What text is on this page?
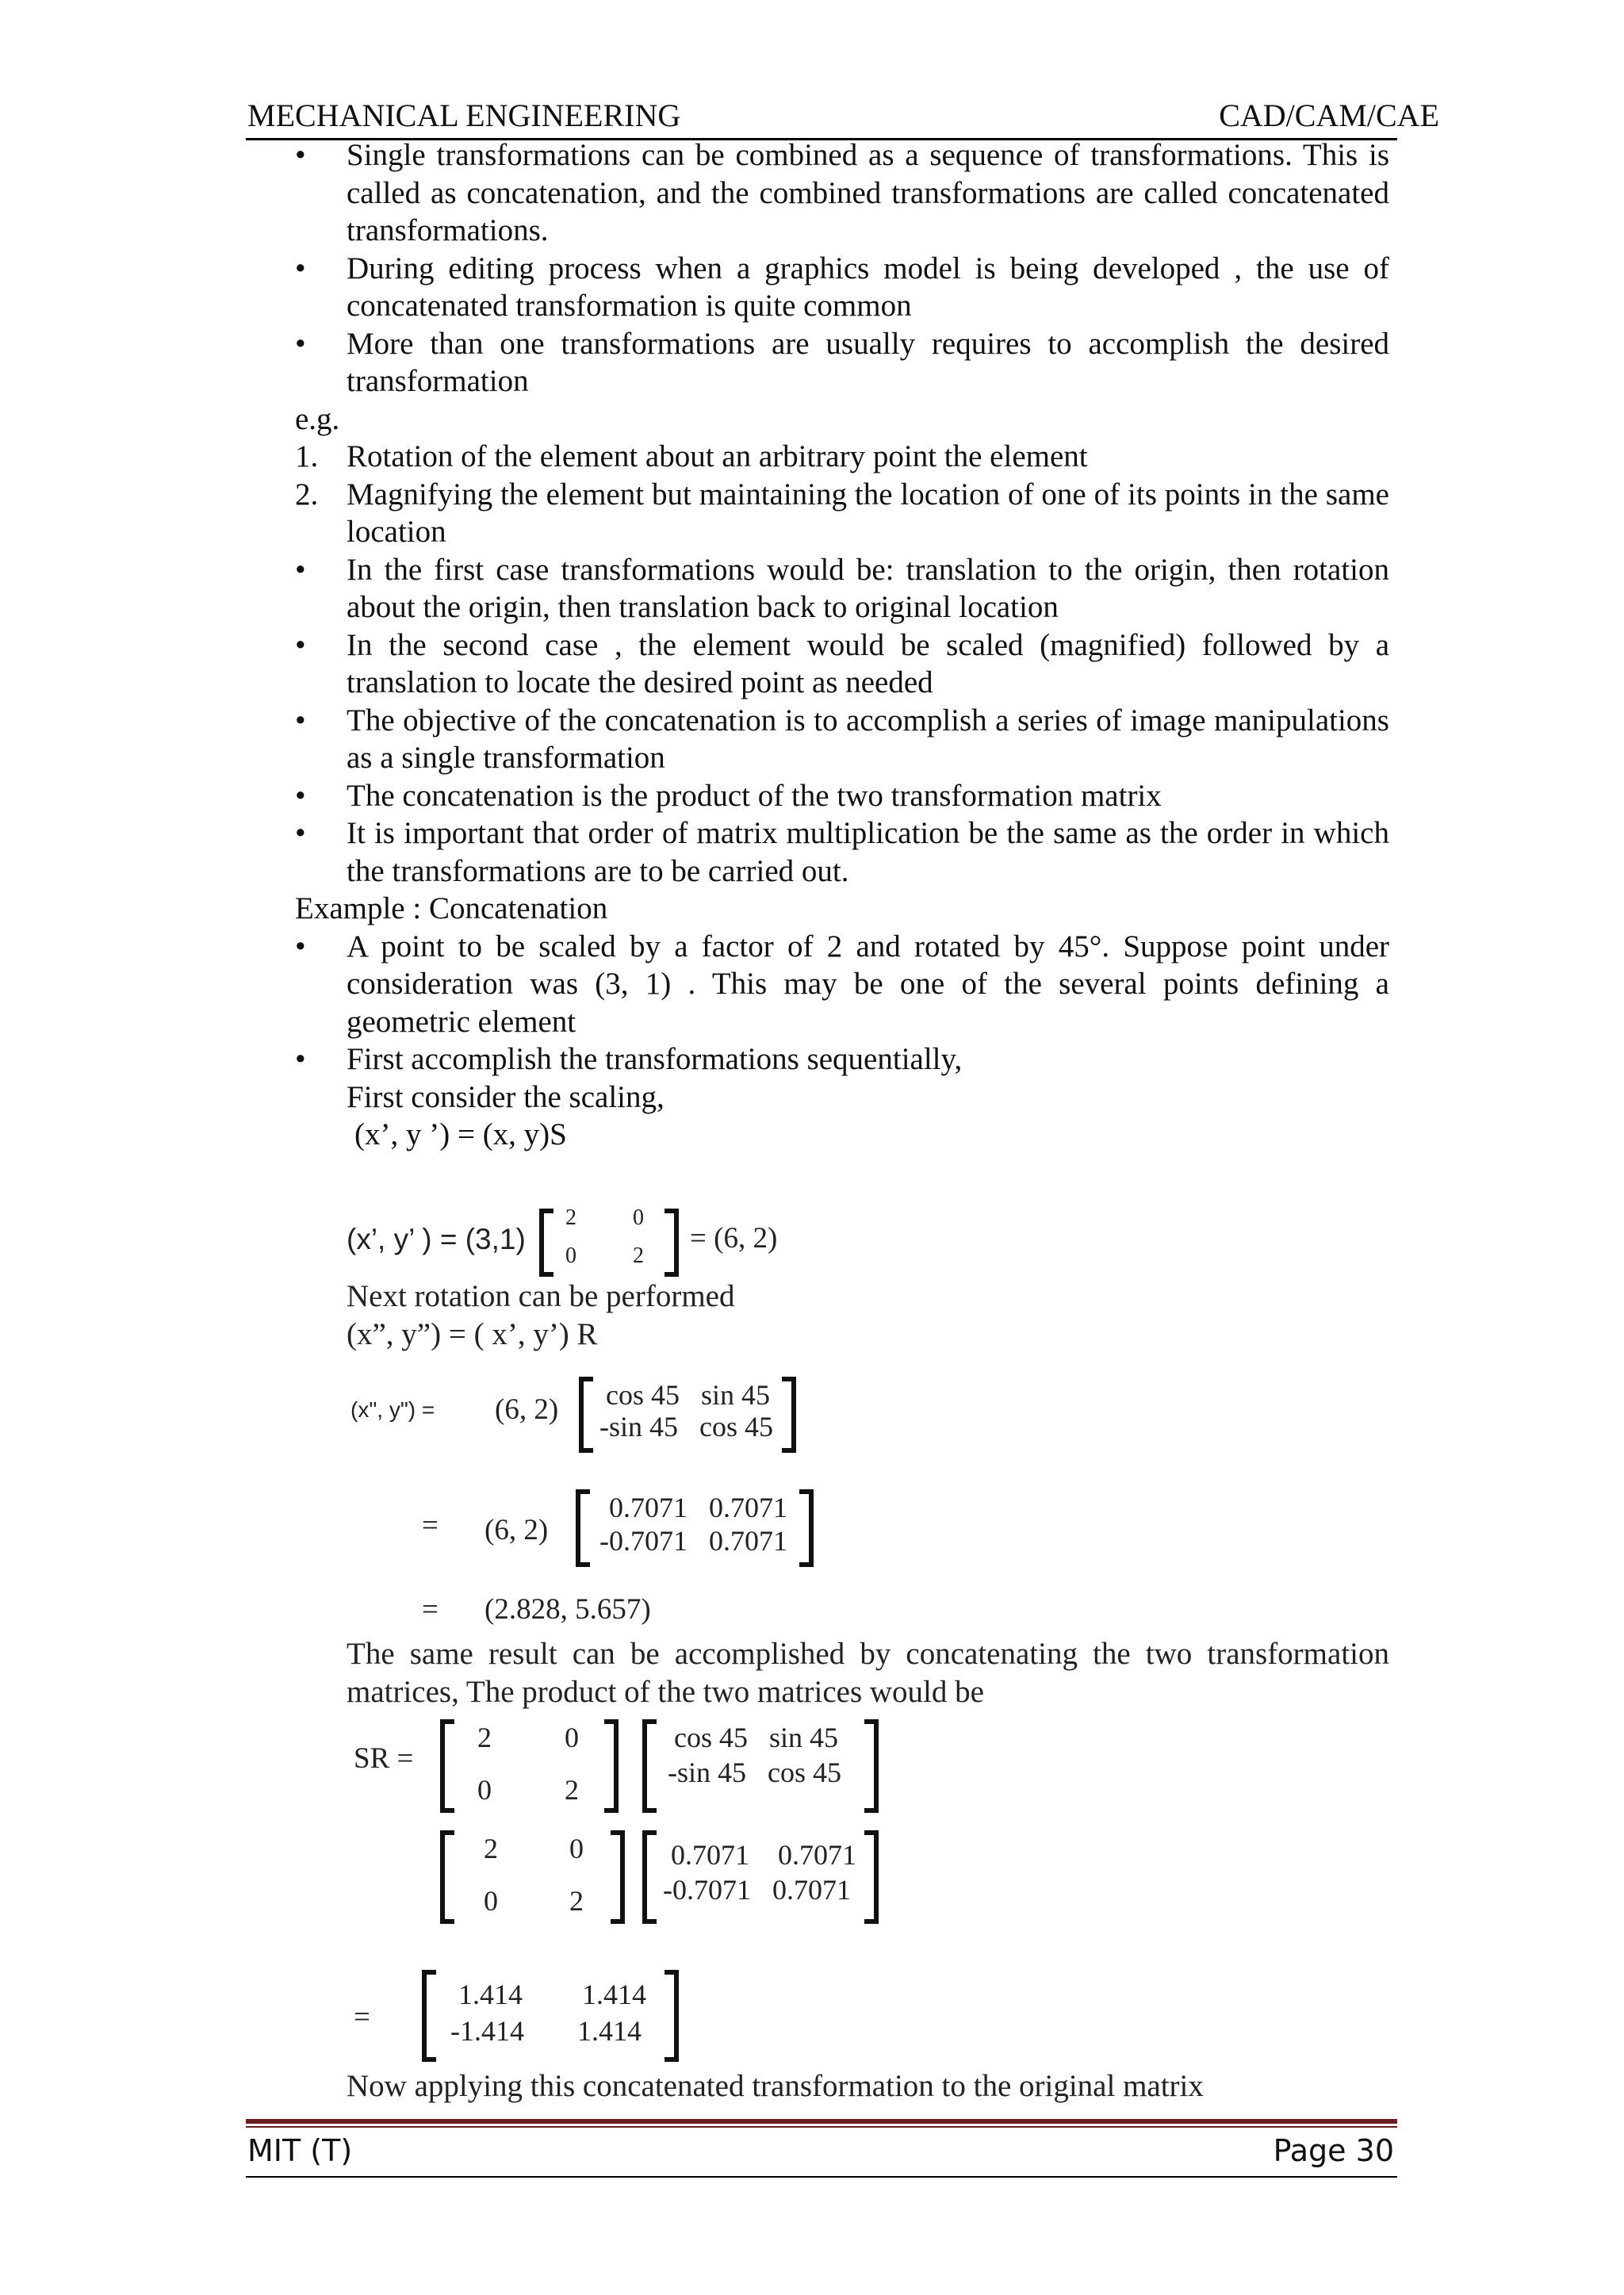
MECHANICAL ENGINEERING	CAD/CAM/CAE
•	Single transformations can be combined as a sequence of transformations. This is called as concatenation, and the combined transformations are called concatenated transformations.
•	During editing process when a graphics model is being developed , the use of concatenated transformation is quite common
•	More than one transformations are usually requires to accomplish the desired transformation
e.g.
1. Rotation of the element about an arbitrary point the element
2. Magnifying the element but maintaining the location of one of its points in the same location
•	In the first case transformations would be: translation to the origin, then rotation about the origin, then translation back to original location
•	In the second case , the element would be scaled (magnified) followed by a translation to locate the desired point as needed
•	The objective of the concatenation is to accomplish a series of image manipulations as a single transformation
•	The concatenation is the product of the two transformation matrix
•	It is important that order of matrix multiplication be the same as the order in which the transformations are to be carried out.
Example : Concatenation
•	A point to be scaled by a factor of 2 and rotated by 45°. Suppose point under consideration was (3, 1) . This may be one of the several points defining a geometric element
•	First accomplish the transformations sequentially,
First consider the scaling,
(x’, y ’) = (x, y)S
(x’, y’ ) = (3,1)
2	0
0	2
= (6, 2)
Next rotation can be performed
(x”, y”) = ( x’, y’) R
(x", y") = (6, 2) cos 45   sin 45
-sin 45   cos 45
= (6, 2)
0.7071   0.7071
-0.7071   0.7071
= (2.828, 5.657)
The same result can be accomplished by concatenating the two transformation matrices, The product of the two matrices would be
SR =
2	0
0	2
cos 45   sin 45
-sin 45   cos 45
2	0
0	2
0.7071    0.7071
-0.7071   0.7071
=
1.414 1.414
-1.414 1.414
Now applying this concatenated transformation to the original matrix
MIT (T)	Page 30
